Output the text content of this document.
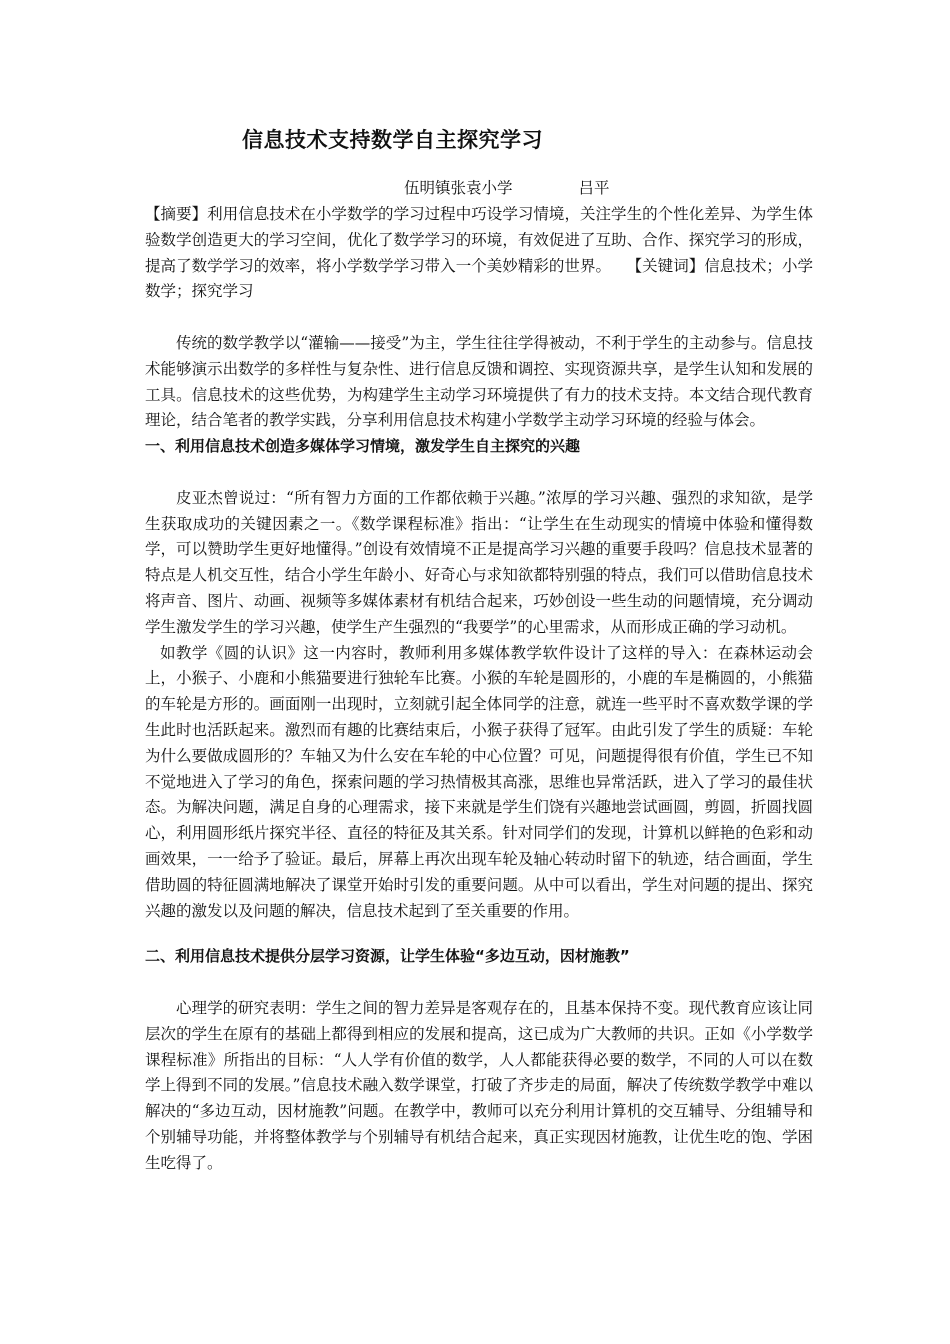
信息技术支持数学自主探究学习
伍明镇张袁小学	吕平

【摘要】利用信息技术在小学数学的学习过程中巧设学习情境，关注学生的个性化差异、为学生体验数学创造更大的学习空间，优化了数学学习的环境，有效促进了互助、合作、探究学习的形成，提高了数学学习的效率，将小学数学学习带入一个美妙精彩的世界。　　【关键词】信息技术；小学数学；探究学习

传统的数学教学以“灌输——接受”为主，学生往往学得被动，不利于学生的主动参与。信息技术能够演示出数学的多样性与复杂性、进行信息反馈和调控、实现资源共享，是学生认知和发展的工具。信息技术的这些优势，为构建学生主动学习环境提供了有力的技术支持。本文结合现代教育理论，结合笔者的教学实践，分享利用信息技术构建小学数学主动学习环境的经验与体会。

一、利用信息技术创造多媒体学习情境，激发学生自主探究的兴趣

皮亚杰曾说过：“所有智力方面的工作都依赖于兴趣。”浓厚的学习兴趣、强烈的求知欲，是学生获取成功的关键因素之一。《数学课程标准》指出：“让学生在生动现实的情境中体验和懂得数学，可以赞助学生更好地懂得。”创设有效情境不正是提高学习兴趣的重要手段吗？信息技术显著的特点是人机交互性，结合小学生年龄小、好奇心与求知欲都特别强的特点，我们可以借助信息技术将声音、图片、动画、视频等多媒体素材有机结合起来，巧妙创设一些生动的问题情境，充分调动学生激发学生的学习兴趣，使学生产生强烈的“我要学”的心里需求，从而形成正确的学习动机。

如教学《圆的认识》这一内容时，教师利用多媒体教学软件设计了这样的导入：在森林运动会上，小猴子、小鹿和小熊猫要进行独轮车比赛。小猴的车轮是圆形的，小鹿的车是椭圆的，小熊猫的车轮是方形的。画面刚一出现时，立刻就引起全体同学的注意，就连一些平时不喜欢数学课的学生此时也活跃起来。激烈而有趣的比赛结束后，小猴子获得了冠军。由此引发了学生的质疑：车轮为什么要做成圆形的？车轴又为什么安在车轮的中心位置？可见，问题提得很有价值，学生已不知不觉地进入了学习的角色，探索问题的学习热情极其高涨，思维也异常活跃，进入了学习的最佳状态。为解决问题，满足自身的心理需求，接下来就是学生们饶有兴趣地尝试画圆，剪圆，折圆找圆心，利用圆形纸片探究半径、直径的特征及其关系。针对同学们的发现，计算机以鲜艳的色彩和动画效果，一一给予了验证。最后，屏幕上再次出现车轮及轴心转动时留下的轨迹，结合画面，学生借助圆的特征圆满地解决了课堂开始时引发的重要问题。从中可以看出，学生对问题的提出、探究兴趣的激发以及问题的解决，信息技术起到了至关重要的作用。

二、利用信息技术提供分层学习资源，让学生体验“多边互动，因材施教”

心理学的研究表明：学生之间的智力差异是客观存在的，且基本保持不变。现代教育应该让同层次的学生在原有的基础上都得到相应的发展和提高，这已成为广大教师的共识。正如《小学数学课程标准》所指出的目标：“人人学有价值的数学，人人都能获得必要的数学，不同的人可以在数学上得到不同的发展。”信息技术融入数学课堂，打破了齐步走的局面，解决了传统数学教学中难以解决的“多边互动，因材施教”问题。在教学中，教师可以充分利用计算机的交互辅导、分组辅导和个别辅导功能，并将整体教学与个别辅导有机结合起来，真正实现因材施教，让优生吃的饱、学困生吃得了。
